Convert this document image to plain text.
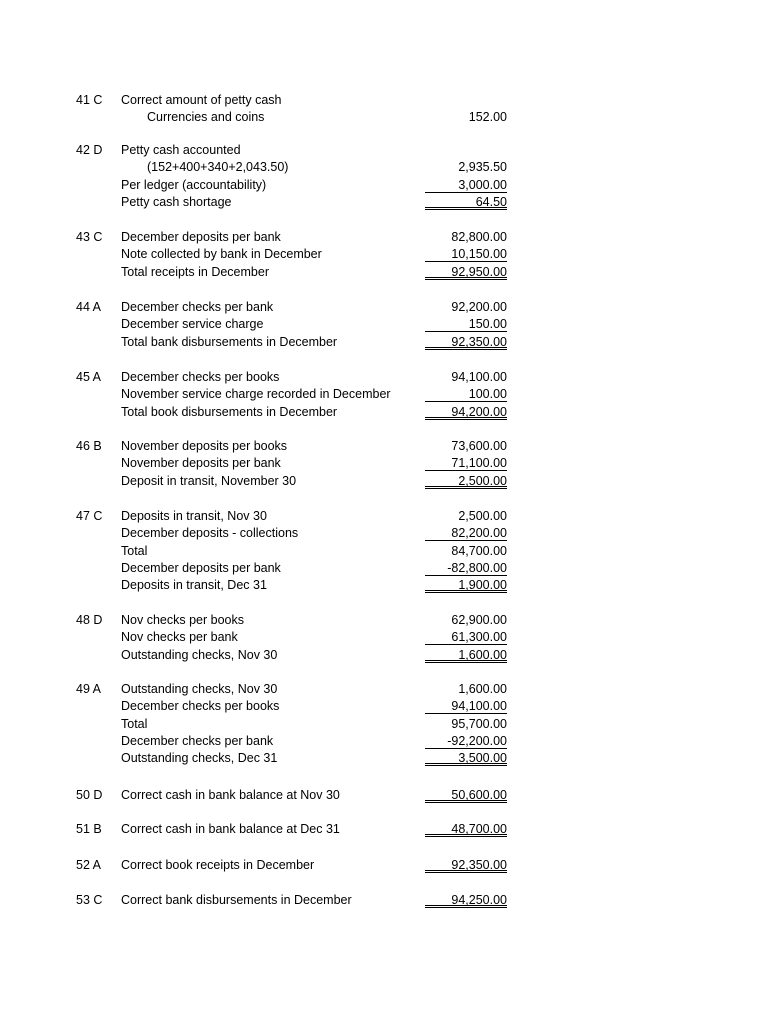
41 C Correct amount of petty cash
Currencies and coins	152.00
42 D Petty cash accounted
(152+400+340+2,043.50)	2,935.50
Per ledger (accountability)	3,000.00
Petty cash shortage	64.50
43 C December deposits per bank	82,800.00
Note collected by bank in December	10,150.00
Total receipts in December	92,950.00
44 A December checks per bank	92,200.00
December service charge	150.00
Total bank disbursements in December	92,350.00
45 A December checks per books	94,100.00
November service charge recorded in December	100.00
Total book disbursements in December	94,200.00
46 B November deposits per books	73,600.00
November deposits per bank	71,100.00
Deposit in transit, November 30	2,500.00
47 C Deposits in transit, Nov 30	2,500.00
December deposits - collections	82,200.00
Total	84,700.00
December deposits per bank	-82,800.00
Deposits in transit, Dec 31	1,900.00
48 D Nov checks per books	62,900.00
Nov checks per bank	61,300.00
Outstanding checks, Nov 30	1,600.00
49 A Outstanding checks, Nov 30	1,600.00
December checks per books	94,100.00
Total	95,700.00
December checks per bank	-92,200.00
Outstanding checks, Dec 31	3,500.00
50 D Correct cash in bank balance at Nov 30	50,600.00
51 B Correct cash in bank balance at Dec 31	48,700.00
52 A Correct book receipts in December	92,350.00
53 C Correct bank disbursements in December	94,250.00
